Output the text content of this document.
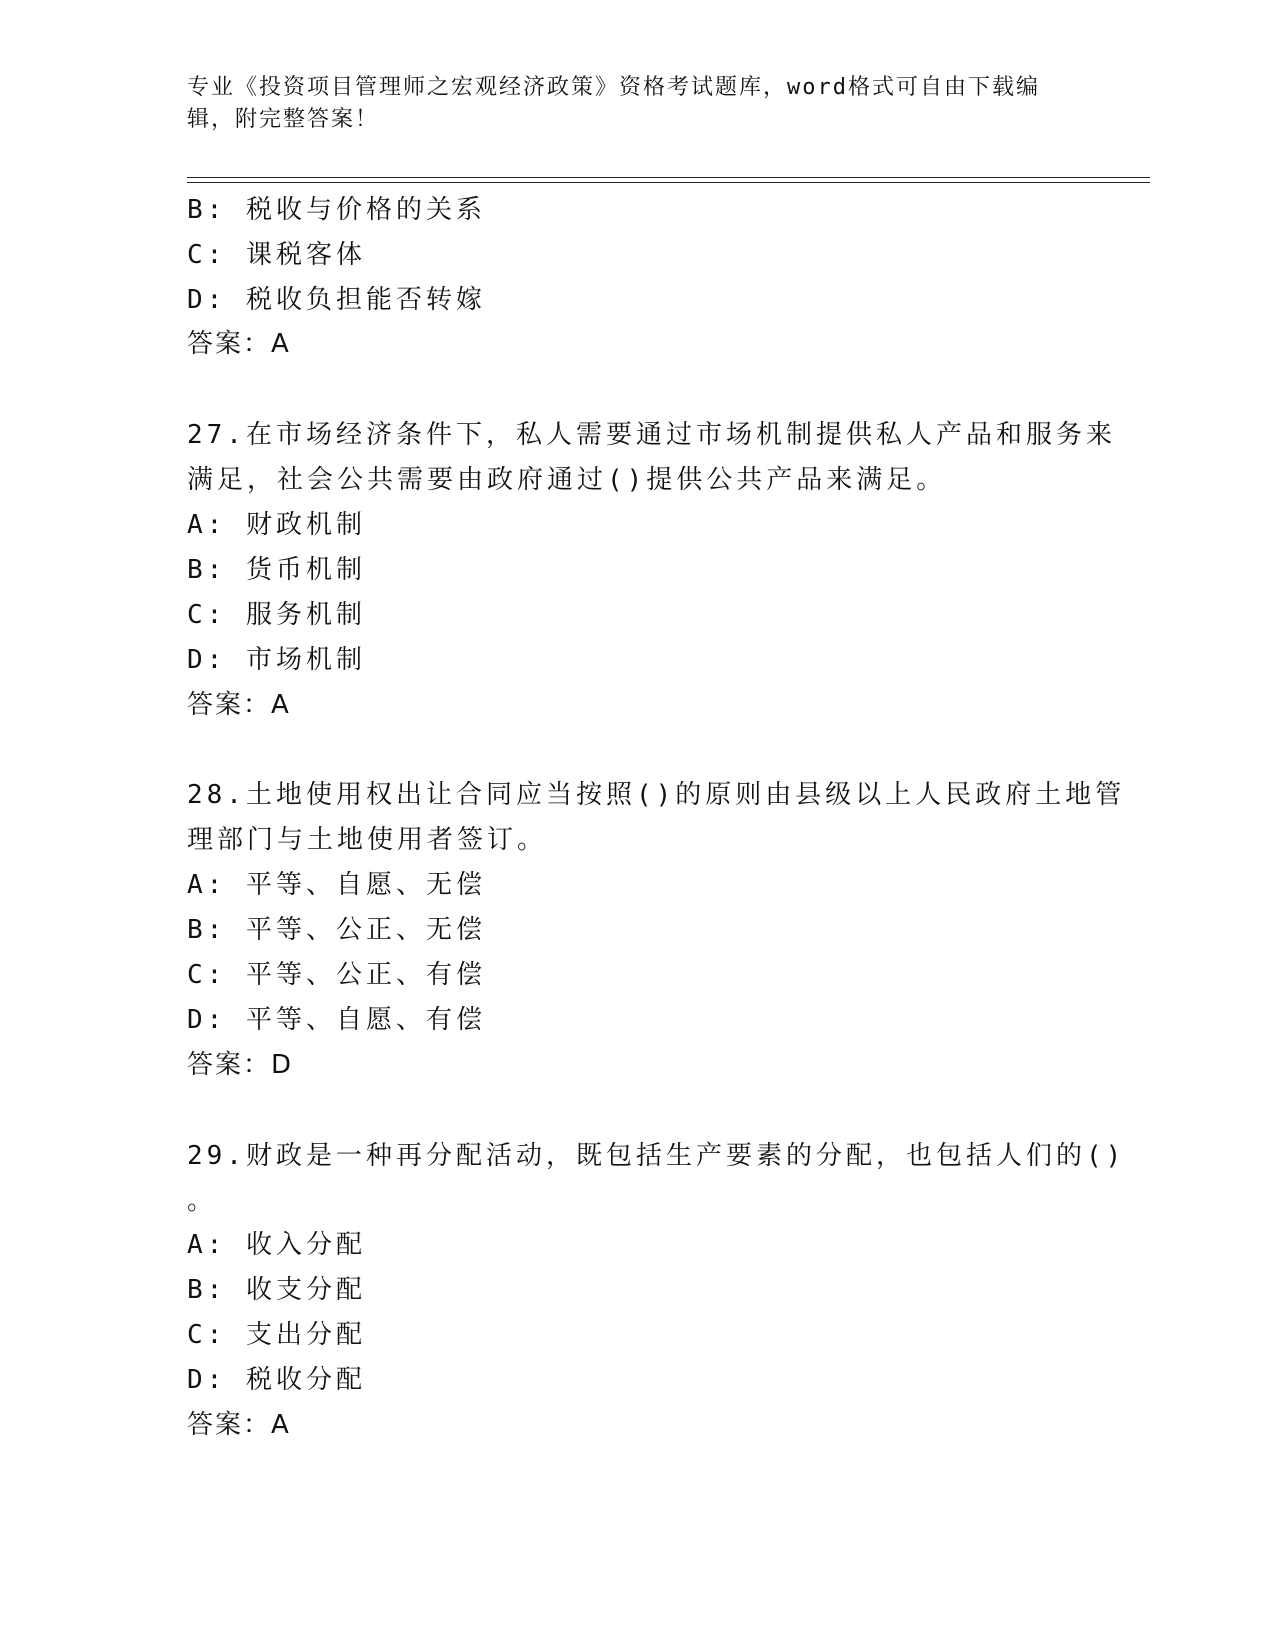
专业《投资项目管理师之宏观经济政策》资格考试题库，word格式可自由下载编
辑，附完整答案！
B: 税收与价格的关系
C: 课税客体
D: 税收负担能否转嫁
答案：A
27.在市场经济条件下，私人需要通过市场机制提供私人产品和服务来
满足，社会公共需要由政府通过()提供公共产品来满足。
A: 财政机制
B: 货币机制
C: 服务机制
D: 市场机制
答案：A
28.土地使用权出让合同应当按照()的原则由县级以上人民政府土地管
理部门与土地使用者签订。
A: 平等、自愿、无偿
B: 平等、公正、无偿
C: 平等、公正、有偿
D: 平等、自愿、有偿
答案：D
29.财政是一种再分配活动，既包括生产要素的分配，也包括人们的()
。
A: 收入分配
B: 收支分配
C: 支出分配
D: 税收分配
答案：A
